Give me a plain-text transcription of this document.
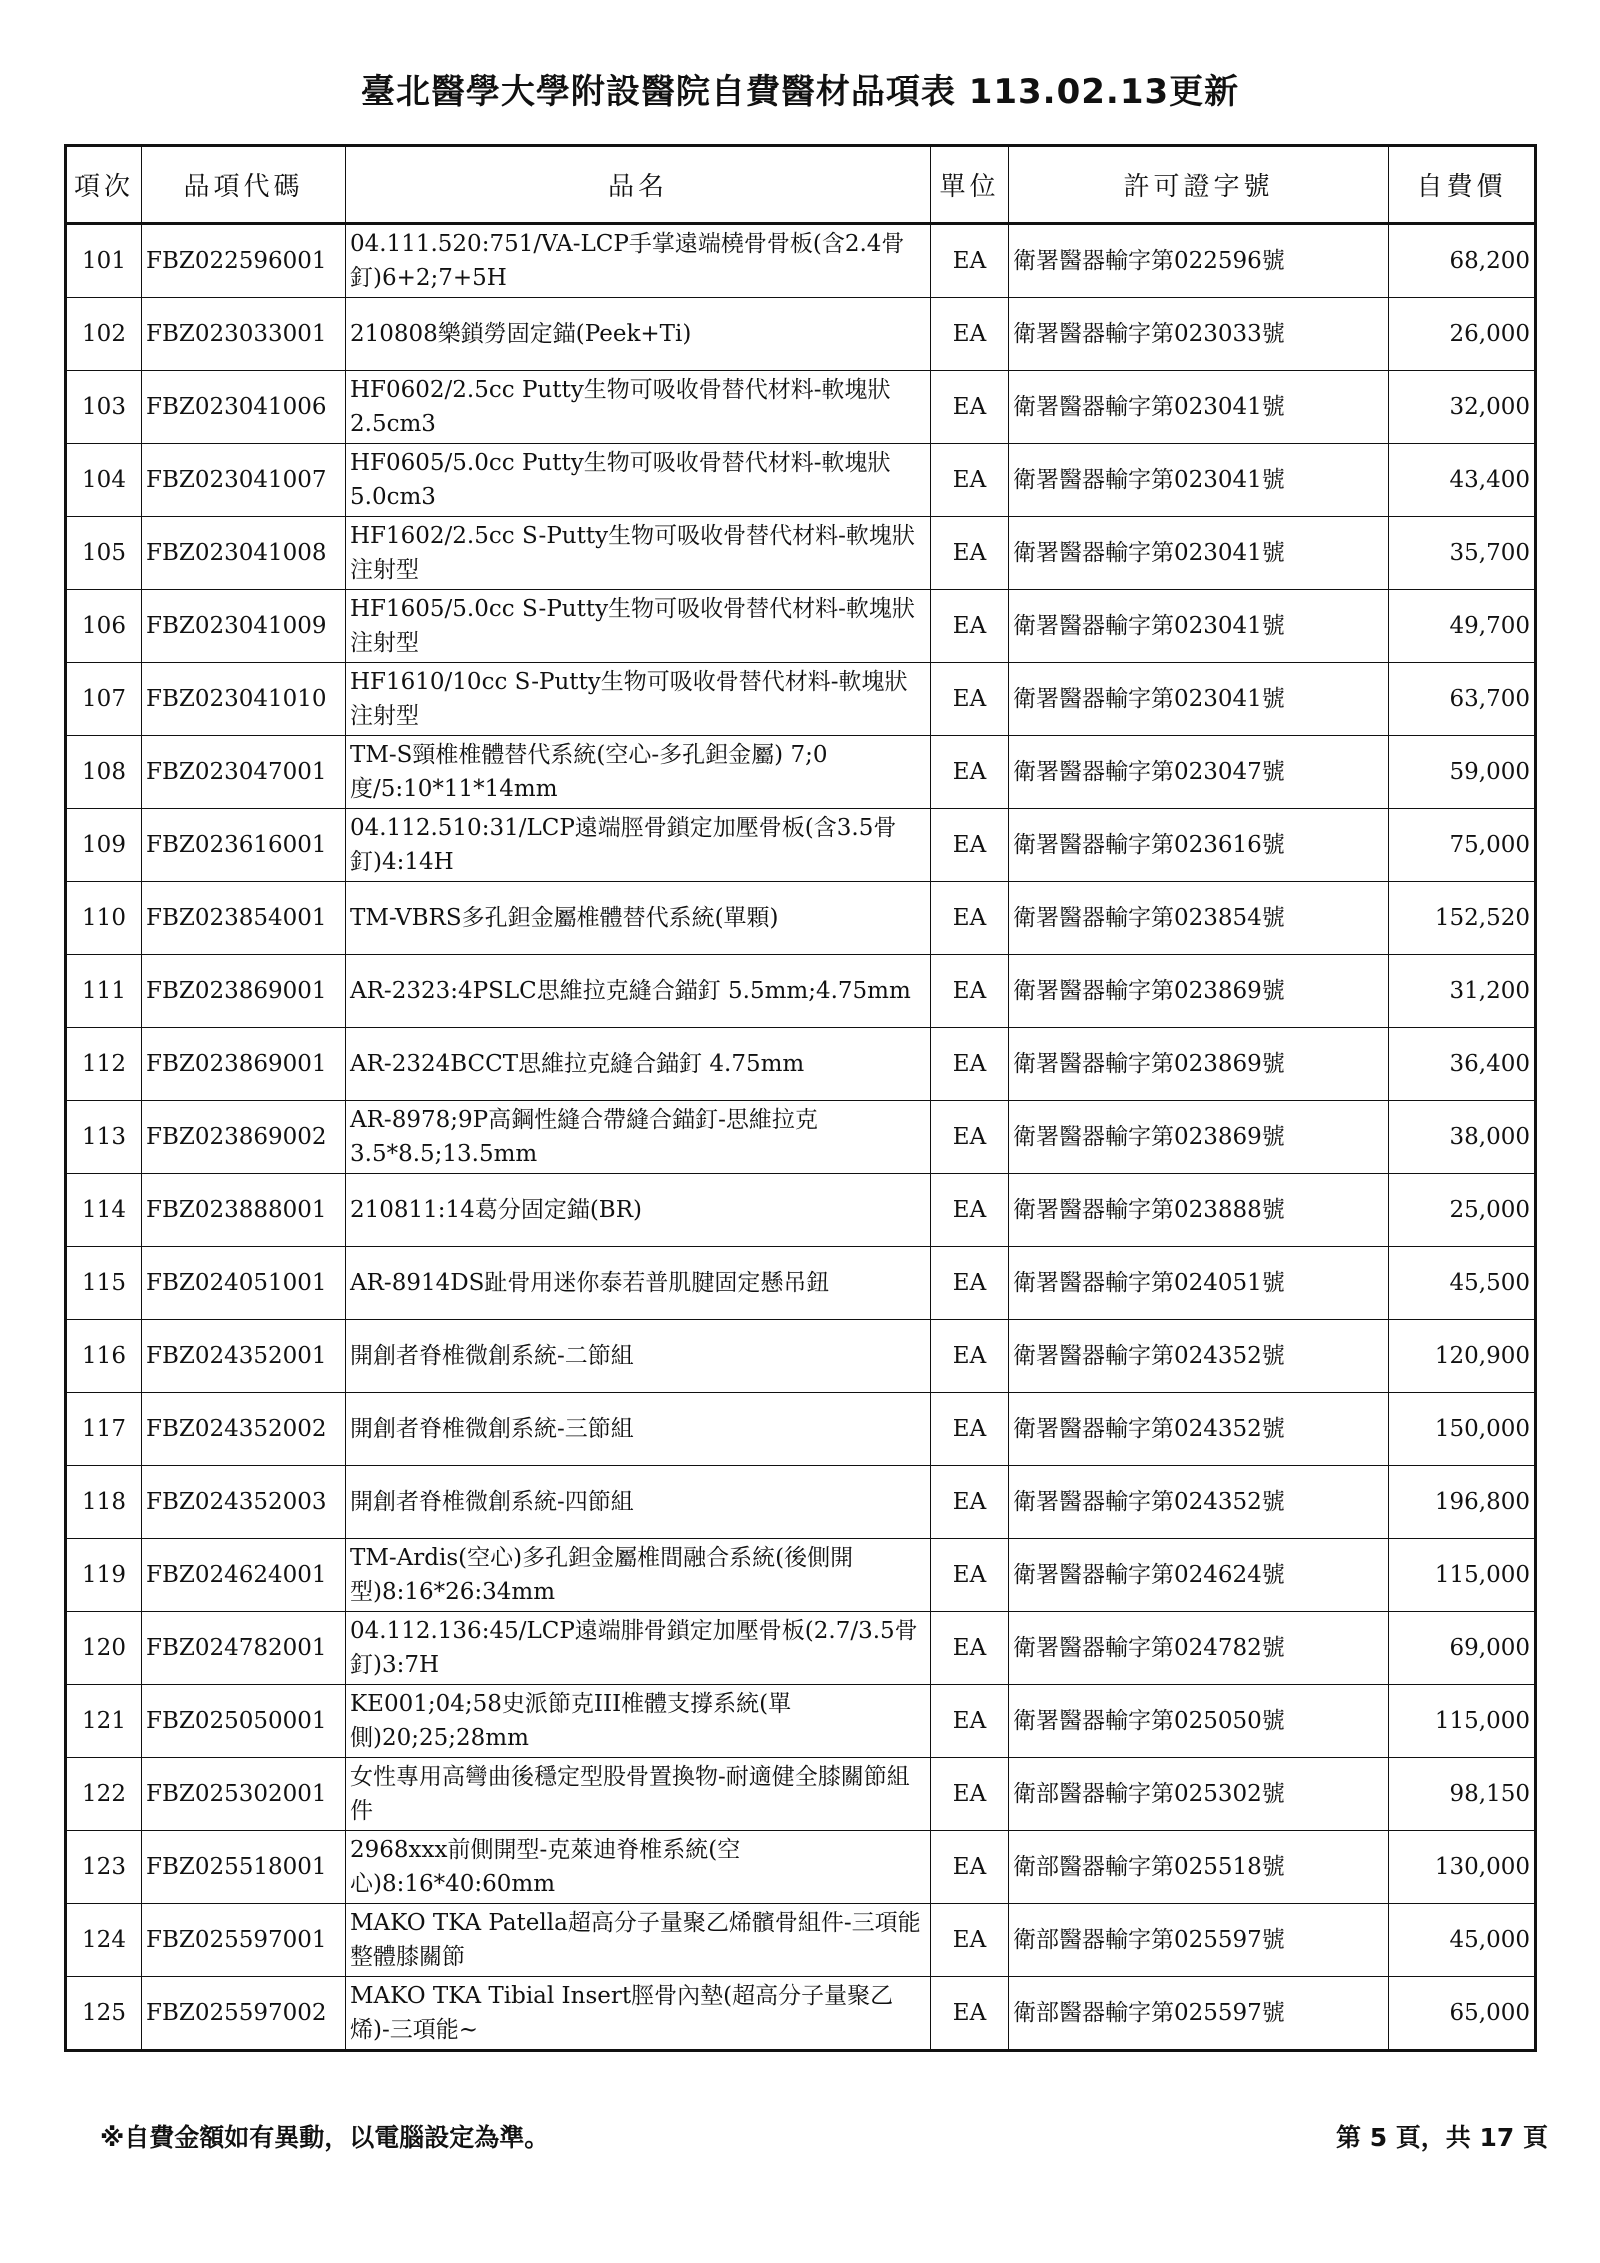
臺北醫學大學附設醫院自費醫材品項表 113.02.13更新
項次	品項代碼	品名	單位	許可證字號	自費價
101	FBZ022596001	04.111.520:751/VA-LCP手掌遠端橈骨骨板(含2.4骨釘)6+2;7+5H	EA	衛署醫器輸字第022596號	68,200
102	FBZ023033001	210808樂鎖勞固定錨(Peek+Ti)	EA	衛署醫器輸字第023033號	26,000
103	FBZ023041006	HF0602/2.5cc Putty生物可吸收骨替代材料-軟塊狀 2.5cm3	EA	衛署醫器輸字第023041號	32,000
104	FBZ023041007	HF0605/5.0cc Putty生物可吸收骨替代材料-軟塊狀 5.0cm3	EA	衛署醫器輸字第023041號	43,400
105	FBZ023041008	HF1602/2.5cc S-Putty生物可吸收骨替代材料-軟塊狀注射型	EA	衛署醫器輸字第023041號	35,700
106	FBZ023041009	HF1605/5.0cc S-Putty生物可吸收骨替代材料-軟塊狀注射型	EA	衛署醫器輸字第023041號	49,700
107	FBZ023041010	HF1610/10cc S-Putty生物可吸收骨替代材料-軟塊狀注射型	EA	衛署醫器輸字第023041號	63,700
108	FBZ023047001	TM-S頸椎椎體替代系統(空心-多孔鉭金屬) 7;0度/5:10*11*14mm	EA	衛署醫器輸字第023047號	59,000
109	FBZ023616001	04.112.510:31/LCP遠端脛骨鎖定加壓骨板(含3.5骨釘)4:14H	EA	衛署醫器輸字第023616號	75,000
110	FBZ023854001	TM-VBRS多孔鉭金屬椎體替代系統(單顆)	EA	衛署醫器輸字第023854號	152,520
111	FBZ023869001	AR-2323:4PSLC思維拉克縫合錨釘 5.5mm;4.75mm	EA	衛署醫器輸字第023869號	31,200
112	FBZ023869001	AR-2324BCCT思維拉克縫合錨釘 4.75mm	EA	衛署醫器輸字第023869號	36,400
113	FBZ023869002	AR-8978;9P高鋼性縫合帶縫合錨釘-思維拉克 3.5*8.5;13.5mm	EA	衛署醫器輸字第023869號	38,000
114	FBZ023888001	210811:14葛分固定錨(BR)	EA	衛署醫器輸字第023888號	25,000
115	FBZ024051001	AR-8914DS趾骨用迷你泰若普肌腱固定懸吊鈕	EA	衛署醫器輸字第024051號	45,500
116	FBZ024352001	開創者脊椎微創系統-二節組	EA	衛署醫器輸字第024352號	120,900
117	FBZ024352002	開創者脊椎微創系統-三節組	EA	衛署醫器輸字第024352號	150,000
118	FBZ024352003	開創者脊椎微創系統-四節組	EA	衛署醫器輸字第024352號	196,800
119	FBZ024624001	TM-Ardis(空心)多孔鉭金屬椎間融合系統(後側開型)8:16*26:34mm	EA	衛署醫器輸字第024624號	115,000
120	FBZ024782001	04.112.136:45/LCP遠端腓骨鎖定加壓骨板(2.7/3.5骨釘)3:7H	EA	衛署醫器輸字第024782號	69,000
121	FBZ025050001	KE001;04;58史派節克III椎體支撐系統(單側)20;25;28mm	EA	衛署醫器輸字第025050號	115,000
122	FBZ025302001	女性專用高彎曲後穩定型股骨置換物-耐適健全膝關節組件	EA	衛部醫器輸字第025302號	98,150
123	FBZ025518001	2968xxx前側開型-克萊迪脊椎系統(空心)8:16*40:60mm	EA	衛部醫器輸字第025518號	130,000
124	FBZ025597001	MAKO TKA Patella超高分子量聚乙烯髕骨組件-三項能整體膝關節	EA	衛部醫器輸字第025597號	45,000
125	FBZ025597002	MAKO TKA Tibial Insert脛骨內墊(超高分子量聚乙烯)-三項能~	EA	衛部醫器輸字第025597號	65,000
※自費金額如有異動，以電腦設定為準。	第 5 頁，共 17 頁
